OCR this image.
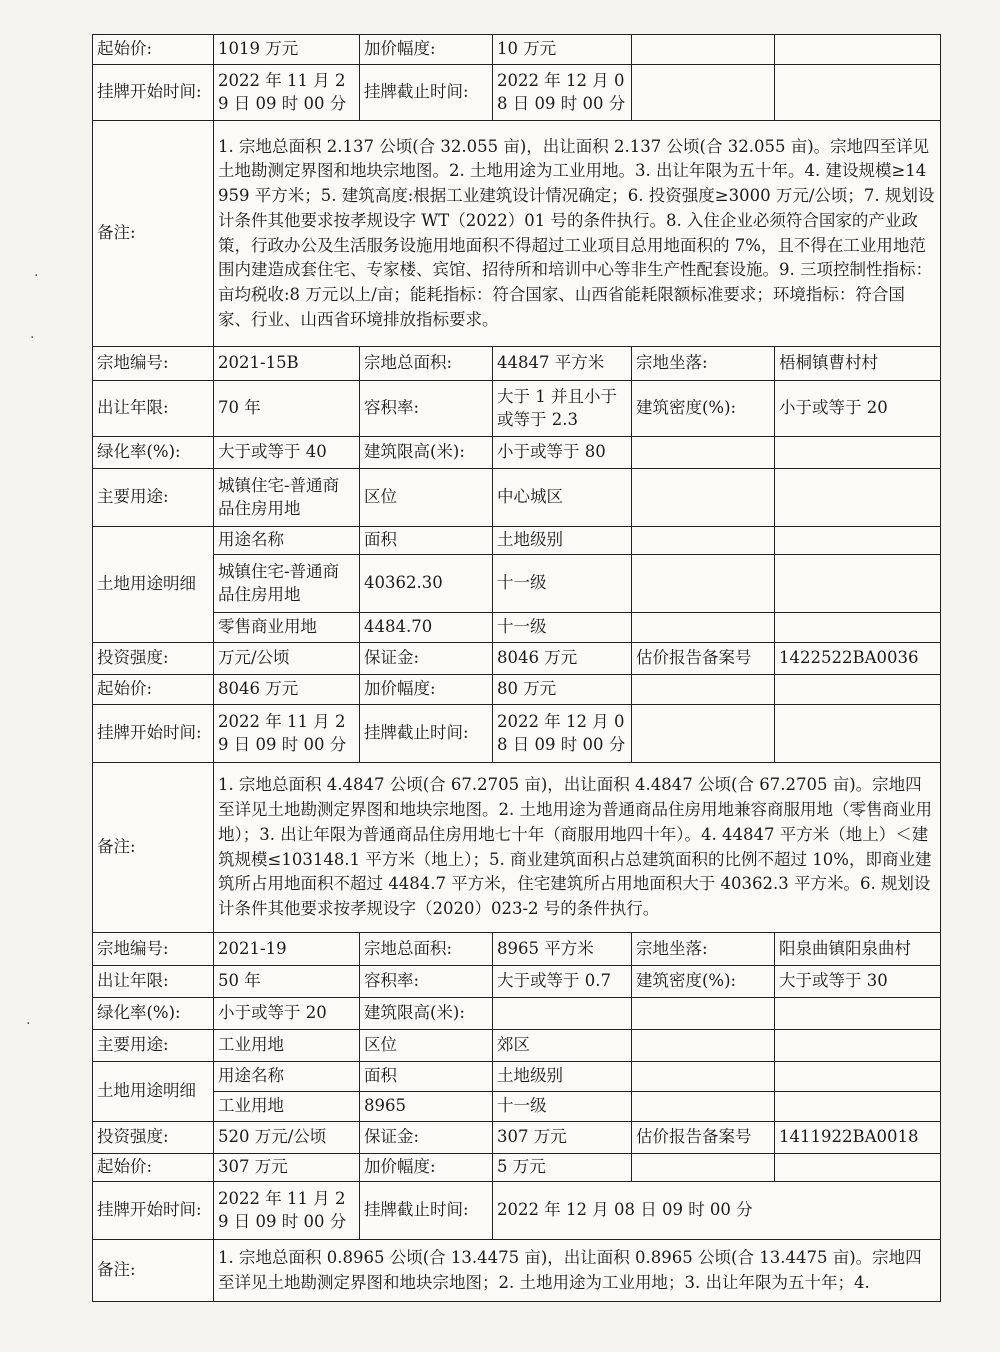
起始价:	1019 万元	加价幅度:	10 万元		
挂牌开始时间:	2022 年 11 月 29 日 09 时 00 分	挂牌截止时间:	2022 年 12 月 08 日 09 时 00 分		
备注:	1. 宗地总面积 2.137 公顷(合 32.055 亩)，出让面积 2.137 公顷(合 32.055 亩)。宗地四至详见土地勘测定界图和地块宗地图。2. 土地用途为工业用地。3. 出让年限为五十年。4. 建设规模≥14959 平方米；5. 建筑高度:根据工业建筑设计情况确定；6. 投资强度≥3000 万元/公顷；7. 规划设计条件其他要求按孝规设字 WT（2022）01 号的条件执行。8. 入住企业必须符合国家的产业政策，行政办公及生活服务设施用地面积不得超过工业项目总用地面积的 7%，且不得在工业用地范围内建造成套住宅、专家楼、宾馆、招待所和培训中心等非生产性配套设施。9. 三项控制性指标：亩均税收:8 万元以上/亩；能耗指标：符合国家、山西省能耗限额标准要求；环境指标：符合国家、行业、山西省环境排放指标要求。				
宗地编号:	2021-15B	宗地总面积:	44847 平方米	宗地坐落:	梧桐镇曹村村
出让年限:	70 年	容积率:	大于 1 并且小于或等于 2.3	建筑密度(%):	小于或等于 20
绿化率(%):	大于或等于 40	建筑限高(米):	小于或等于 80		
主要用途:	城镇住宅-普通商品住房用地	区位	中心城区		
土地用途明细	用途名称	面积	土地级别		
	城镇住宅-普通商品住房用地	40362.30	十一级		
	零售商业用地	4484.70	十一级		
投资强度:	万元/公顷	保证金:	8046 万元	估价报告备案号	1422522BA0036
起始价:	8046 万元	加价幅度:	80 万元		
挂牌开始时间:	2022 年 11 月 29 日 09 时 00 分	挂牌截止时间:	2022 年 12 月 08 日 09 时 00 分		
备注:	1. 宗地总面积 4.4847 公顷(合 67.2705 亩)，出让面积 4.4847 公顷(合 67.2705 亩)。宗地四至详见土地勘测定界图和地块宗地图。2. 土地用途为普通商品住房用地兼容商服用地（零售商业用地）；3. 出让年限为普通商品住房用地七十年（商服用地四十年）。4. 44847 平方米（地上）＜建筑规模≤103148.1 平方米（地上）；5. 商业建筑面积占总建筑面积的比例不超过 10%，即商业建筑所占用地面积不超过 4484.7 平方米，住宅建筑所占用地面积大于 40362.3 平方米。6. 规划设计条件其他要求按孝规设字（2020）023-2 号的条件执行。				
宗地编号:	2021-19	宗地总面积:	8965 平方米	宗地坐落:	阳泉曲镇阳泉曲村
出让年限:	50 年	容积率:	大于或等于 0.7	建筑密度(%):	大于或等于 30
绿化率(%):	小于或等于 20	建筑限高(米):			
主要用途:	工业用地	区位	郊区		
土地用途明细	用途名称	面积	土地级别		
	工业用地	8965	十一级		
投资强度:	520 万元/公顷	保证金:	307 万元	估价报告备案号	1411922BA0018
起始价:	307 万元	加价幅度:	5 万元		
挂牌开始时间:	2022 年 11 月 29 日 09 时 00 分	挂牌截止时间:	2022 年 12 月 08 日 09 时 00 分		
备注:	1. 宗地总面积 0.8965 公顷(合 13.4475 亩)，出让面积 0.8965 公顷(合 13.4475 亩)。宗地四至详见土地勘测定界图和地块宗地图；2. 土地用途为工业用地；3. 出让年限为五十年；4.				
·
·
·
